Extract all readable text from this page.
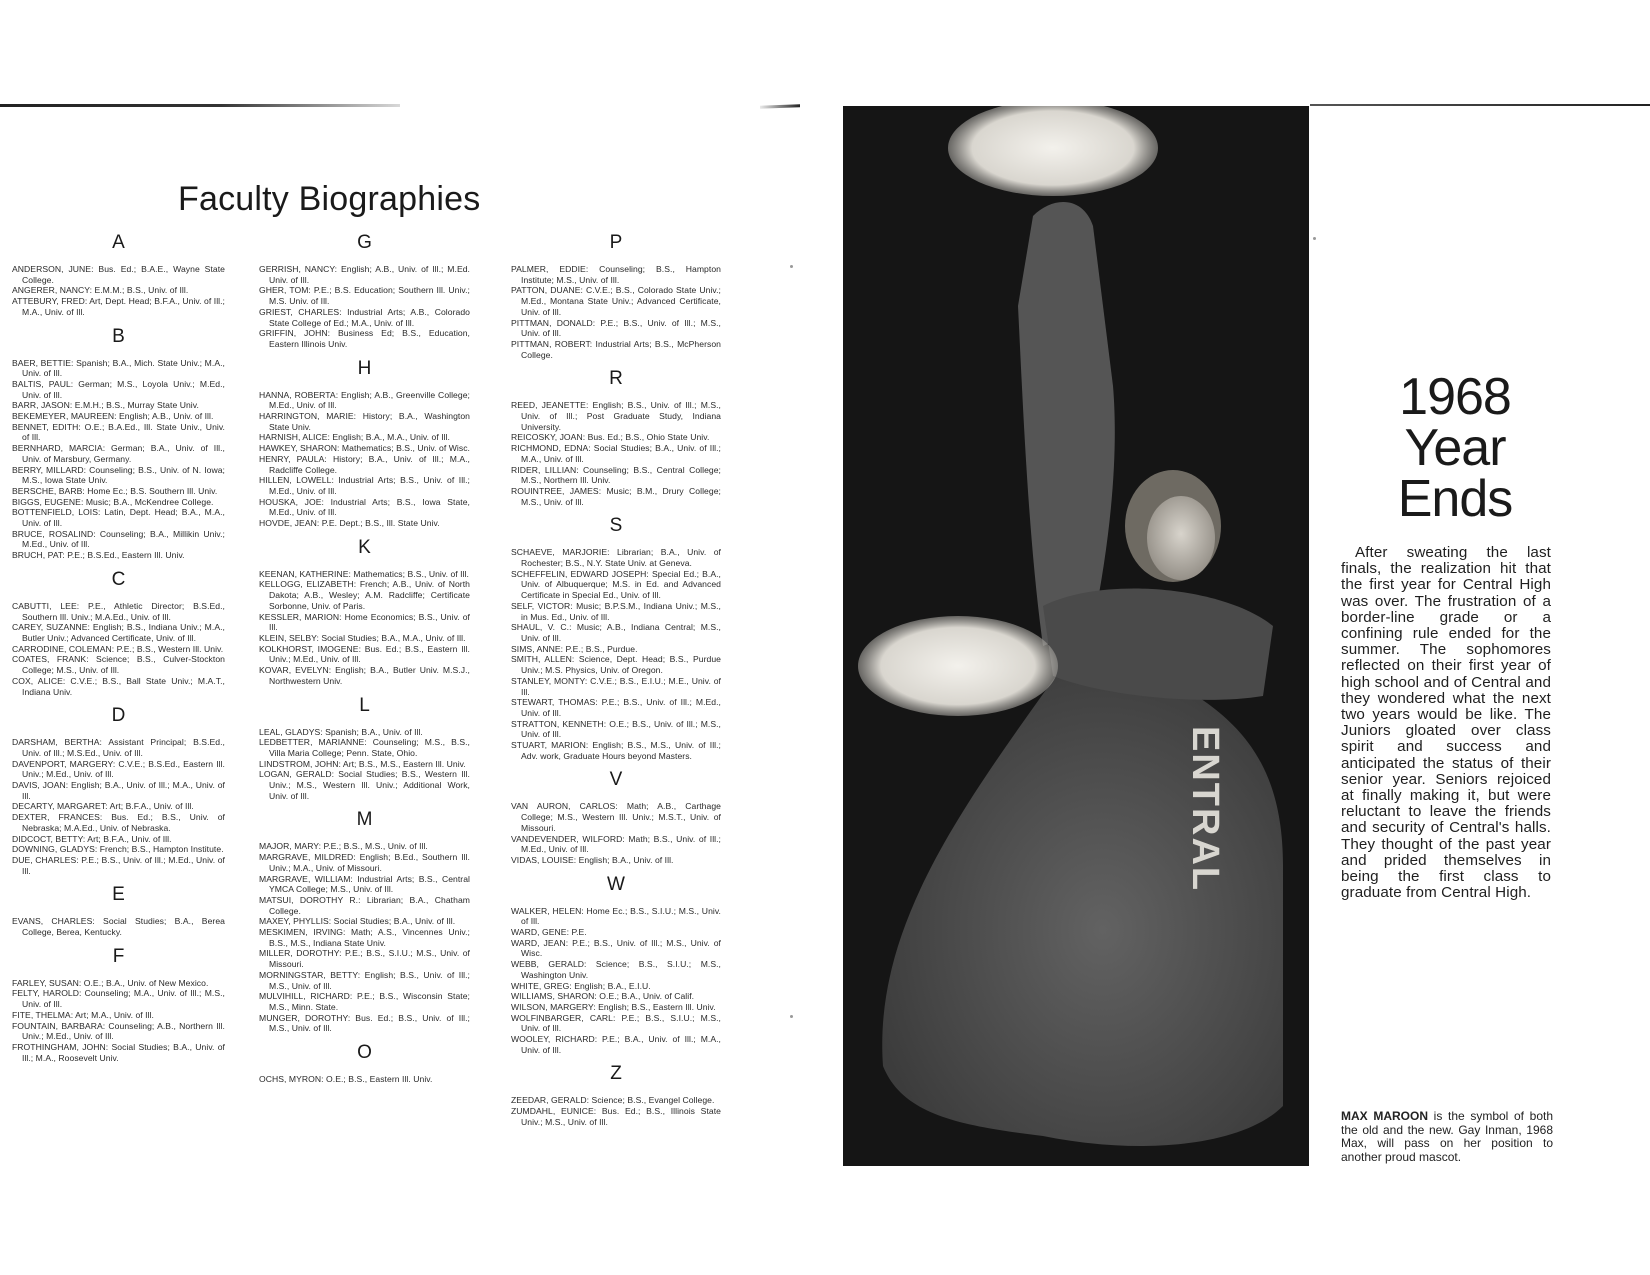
Faculty Biographies
A

ANDERSON, JUNE: Bus. Ed.; B.A.E., Wayne State College.

ANGERER, NANCY: E.M.M.; B.S., Univ. of Ill.

ATTEBURY, FRED: Art, Dept. Head; B.F.A., Univ. of Ill.; M.A., Univ. of Ill.

B

BAER, BETTIE: Spanish; B.A., Mich. State Univ.; M.A., Univ. of Ill.

BALTIS, PAUL: German; M.S., Loyola Univ.; M.Ed., Univ. of Ill.

BARR, JASON: E.M.H.; B.S., Murray State Univ.

BEKEMEYER, MAUREEN: English; A.B., Univ. of Ill.

BENNET, EDITH: O.E.; B.A.Ed., Ill. State Univ., Univ. of Ill.

BERNHARD, MARCIA: German; B.A., Univ. of Ill., Univ. of Marsbury, Germany.

BERRY, MILLARD: Counseling; B.S., Univ. of N. Iowa; M.S., Iowa State Univ.

BERSCHE, BARB: Home Ec.; B.S. Southern Ill. Univ.

BIGGS, EUGENE: Music; B.A., McKendree College.

BOTTENFIELD, LOIS: Latin, Dept. Head; B.A., M.A., Univ. of Ill.

BRUCE, ROSALIND: Counseling; B.A., Millikin Univ.; M.Ed., Univ. of Ill.

BRUCH, PAT: P.E.; B.S.Ed., Eastern Ill. Univ.

C

CABUTTI, LEE: P.E., Athletic Director; B.S.Ed., Southern Ill. Univ.; M.A.Ed., Univ. of Ill.

CAREY, SUZANNE: English; B.S., Indiana Univ.; M.A., Butler Univ.; Advanced Certificate, Univ. of Ill.

CARRODINE, COLEMAN: P.E.; B.S., Western Ill. Univ.

COATES, FRANK: Science; B.S., Culver-Stockton College; M.S., Univ. of Ill.

COX, ALICE: C.V.E.; B.S., Ball State Univ.; M.A.T., Indiana Univ.

D

DARSHAM, BERTHA: Assistant Principal; B.S.Ed., Univ. of Ill.; M.S.Ed., Univ. of Ill.

DAVENPORT, MARGERY: C.V.E.; B.S.Ed., Eastern Ill. Univ.; M.Ed., Univ. of Ill.

DAVIS, JOAN: English; B.A., Univ. of Ill.; M.A., Univ. of Ill.

DECARTY, MARGARET: Art; B.F.A., Univ. of Ill.

DEXTER, FRANCES: Bus. Ed.; B.S., Univ. of Nebraska; M.A.Ed., Univ. of Nebraska.

DIDCOCT, BETTY: Art; B.F.A., Univ. of Ill.

DOWNING, GLADYS: French; B.S., Hampton Institute.

DUE, CHARLES: P.E.; B.S., Univ. of Ill.; M.Ed., Univ. of Ill.

E

EVANS, CHARLES: Social Studies; B.A., Berea College, Berea, Kentucky.

F

FARLEY, SUSAN: O.E.; B.A., Univ. of New Mexico.

FELTY, HAROLD: Counseling; M.A., Univ. of Ill.; M.S., Univ. of Ill.

FITE, THELMA: Art; M.A., Univ. of Ill.

FOUNTAIN, BARBARA: Counseling; A.B., Northern Ill. Univ.; M.Ed., Univ. of Ill.

FROTHINGHAM, JOHN: Social Studies; B.A., Univ. of Ill.; M.A., Roosevelt Univ.

G

GERRISH, NANCY: English; A.B., Univ. of Ill.; M.Ed. Univ. of Ill.

GHER, TOM: P.E.; B.S. Education; Southern Ill. Univ.; M.S. Univ. of Ill.

GRIEST, CHARLES: Industrial Arts; A.B., Colorado State College of Ed.; M.A., Univ. of Ill.

GRIFFIN, JOHN: Business Ed; B.S., Education, Eastern Illinois Univ.

H

HANNA, ROBERTA: English; A.B., Greenville College; M.Ed., Univ. of Ill.

HARRINGTON, MARIE: History; B.A., Washington State Univ.

HARNISH, ALICE: English; B.A., M.A., Univ. of Ill.

HAWKEY, SHARON: Mathematics; B.S., Univ. of Wisc.

HENRY, PAULA: History; B.A., Univ. of Ill.; M.A., Radcliffe College.

HILLEN, LOWELL: Industrial Arts; B.S., Univ. of Ill.; M.Ed., Univ. of Ill.

HOUSKA, JOE: Industrial Arts; B.S., Iowa State, M.Ed., Univ. of Ill.

HOVDE, JEAN: P.E. Dept.; B.S., Ill. State Univ.

K

KEENAN, KATHERINE: Mathematics; B.S., Univ. of Ill.

KELLOGG, ELIZABETH: French; A.B., Univ. of North Dakota; A.B., Wesley; A.M. Radcliffe; Certificate Sorbonne, Univ. of Paris.

KESSLER, MARION: Home Economics; B.S., Univ. of Ill.

KLEIN, SELBY: Social Studies; B.A., M.A., Univ. of Ill.

KOLKHORST, IMOGENE: Bus. Ed.; B.S., Eastern Ill. Univ.; M.Ed., Univ. of Ill.

KOVAR, EVELYN: English; B.A., Butler Univ. M.S.J., Northwestern Univ.

L

LEAL, GLADYS: Spanish; B.A., Univ. of Ill.

LEDBETTER, MARIANNE: Counseling; M.S., B.S., Villa Maria College; Penn. State, Ohio.

LINDSTROM, JOHN: Art; B.S., M.S., Eastern Ill. Univ.

LOGAN, GERALD: Social Studies; B.S., Western Ill. Univ.; M.S., Western Ill. Univ.; Additional Work, Univ. of Ill.

M

MAJOR, MARY: P.E.; B.S., M.S., Univ. of Ill.

MARGRAVE, MILDRED: English; B.Ed., Southern Ill. Univ.; M.A., Univ. of Missouri.

MARGRAVE, WILLIAM: Industrial Arts; B.S., Central YMCA College; M.S., Univ. of Ill.

MATSUI, DOROTHY R.: Librarian; B.A., Chatham College.

MAXEY, PHYLLIS: Social Studies; B.A., Univ. of Ill.

MESKIMEN, IRVING: Math; A.S., Vincennes Univ.; B.S., M.S., Indiana State Univ.

MILLER, DOROTHY: P.E.; B.S., S.I.U.; M.S., Univ. of Missouri.

MORNINGSTAR, BETTY: English; B.S., Univ. of Ill.; M.S., Univ. of Ill.

MULVIHILL, RICHARD: P.E.; B.S., Wisconsin State; M.S., Minn. State.

MUNGER, DOROTHY: Bus. Ed.; B.S., Univ. of Ill.; M.S., Univ. of Ill.

O

OCHS, MYRON: O.E.; B.S., Eastern Ill. Univ.

P

PALMER, EDDIE: Counseling; B.S., Hampton Institute; M.S., Univ. of Ill.

PATTON, DUANE: C.V.E.; B.S., Colorado State Univ.; M.Ed., Montana State Univ.; Advanced Certificate, Univ. of Ill.

PITTMAN, DONALD: P.E.; B.S., Univ. of Ill.; M.S., Univ. of Ill.

PITTMAN, ROBERT: Industrial Arts; B.S., McPherson College.

R

REED, JEANETTE: English; B.S., Univ. of Ill.; M.S., Univ. of Ill.; Post Graduate Study, Indiana University.

REICOSKY, JOAN: Bus. Ed.; B.S., Ohio State Univ.

RICHMOND, EDNA: Social Studies; B.A., Univ. of Ill.; M.A., Univ. of Ill.

RIDER, LILLIAN: Counseling; B.S., Central College; M.S., Northern Ill. Univ.

ROUINTREE, JAMES: Music; B.M., Drury College; M.S., Univ. of Ill.

S

SCHAEVE, MARJORIE: Librarian; B.A., Univ. of Rochester; B.S., N.Y. State Univ. at Geneva.

SCHEFFELIN, EDWARD JOSEPH: Special Ed.; B.A., Univ. of Albuquerque; M.S. in Ed. and Advanced Certificate in Special Ed., Univ. of Ill.

SELF, VICTOR: Music; B.P.S.M., Indiana Univ.; M.S., in Mus. Ed., Univ. of Ill.

SHAUL, V. C.: Music; A.B., Indiana Central; M.S., Univ. of Ill.

SIMS, ANNE: P.E.; B.S., Purdue.

SMITH, ALLEN: Science, Dept. Head; B.S., Purdue Univ.; M.S. Physics, Univ. of Oregon.

STANLEY, MONTY: C.V.E.; B.S., E.I.U.; M.E., Univ. of Ill.

STEWART, THOMAS: P.E.; B.S., Univ. of Ill.; M.Ed., Univ. of Ill.

STRATTON, KENNETH: O.E.; B.S., Univ. of Ill.; M.S., Univ. of Ill.

STUART, MARION: English; B.S., M.S., Univ. of Ill.; Adv. work, Graduate Hours beyond Masters.

V

VAN AURON, CARLOS: Math; A.B., Carthage College; M.S., Western Ill. Univ.; M.S.T., Univ. of Missouri.

VANDEVENDER, WILFORD: Math; B.S., Univ. of Ill.; M.Ed., Univ. of Ill.

VIDAS, LOUISE: English; B.A., Univ. of Ill.

W

WALKER, HELEN: Home Ec.; B.S., S.I.U.; M.S., Univ. of Ill.

WARD, GENE: P.E.

WARD, JEAN: P.E.; B.S., Univ. of Ill.; M.S., Univ. of Wisc.

WEBB, GERALD: Science; B.S., S.I.U.; M.S., Washington Univ.

WHITE, GREG: English; B.A., E.I.U.

WILLIAMS, SHARON: O.E.; B.A., Univ. of Calif.

WILSON, MARGERY: English; B.S., Eastern Ill. Univ.

WOLFINBARGER, CARL: P.E.; B.S., S.I.U.; M.S., Univ. of Ill.

WOOLEY, RICHARD: P.E.; B.A., Univ. of Ill.; M.A., Univ. of Ill.

Z

ZEEDAR, GERALD: Science; B.S., Evangel College.

ZUMDAHL, EUNICE: Bus. Ed.; B.S., Illinois State Univ.; M.S., Univ. of Ill.

ENTRAL
1968
Year
Ends

After sweating the last finals, the realization hit that the first year for Central High was over. The frustration of a border-line grade or a confining rule ended for the summer. The sophomores reflected on their first year of high school and of Central and they wondered what the next two years would be like. The Juniors gloated over class spirit and success and anticipated the status of their senior year. Seniors rejoiced at finally making it, but were reluctant to leave the friends and security of Central's halls. They thought of the past year and prided themselves in being the first class to graduate from Central High.

MAX MAROON is the symbol of both the old and the new. Gay Inman, 1968 Max, will pass on her position to another proud mascot.
